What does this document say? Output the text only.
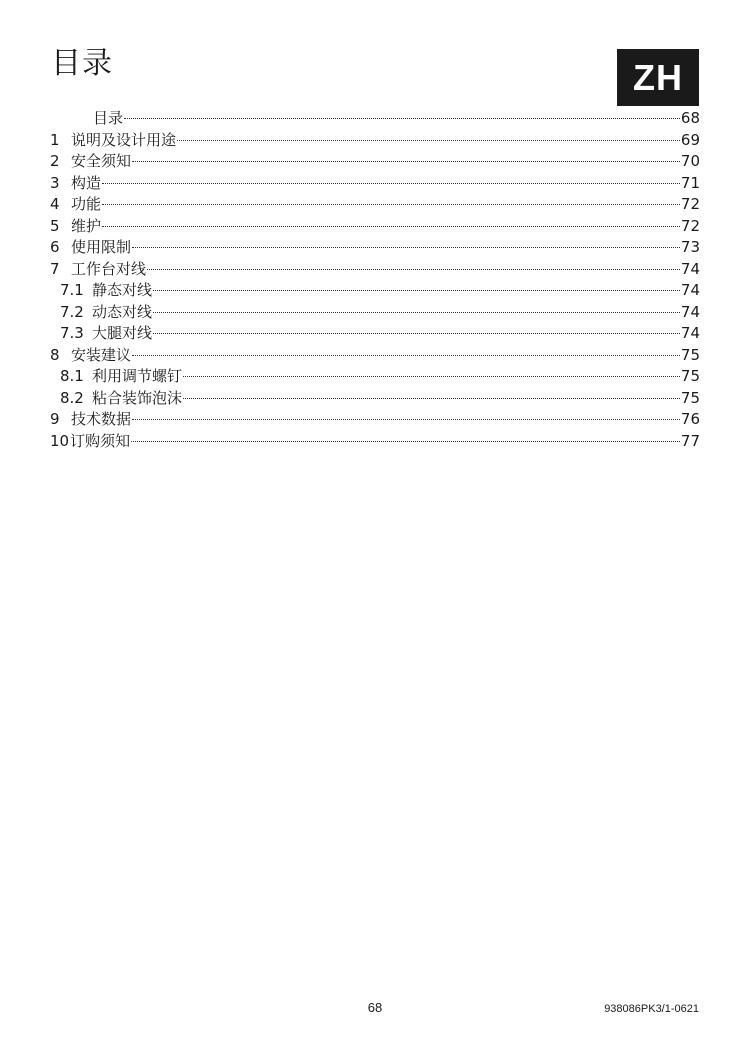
目录	ZH
目录	68
1 说明及设计用途	69
2 安全须知	70
3 构造	71
4 功能	72
5 维护	72
6 使用限制	73
7 工作台对线	74
7.1 静态对线	74
7.2 动态对线	74
7.3 大腿对线	74
8 安装建议	75
8.1 利用调节螺钉	75
8.2 粘合装饰泡沫	75
9 技术数据	76
10 订购须知	77
68	938086PK3/1-0621
